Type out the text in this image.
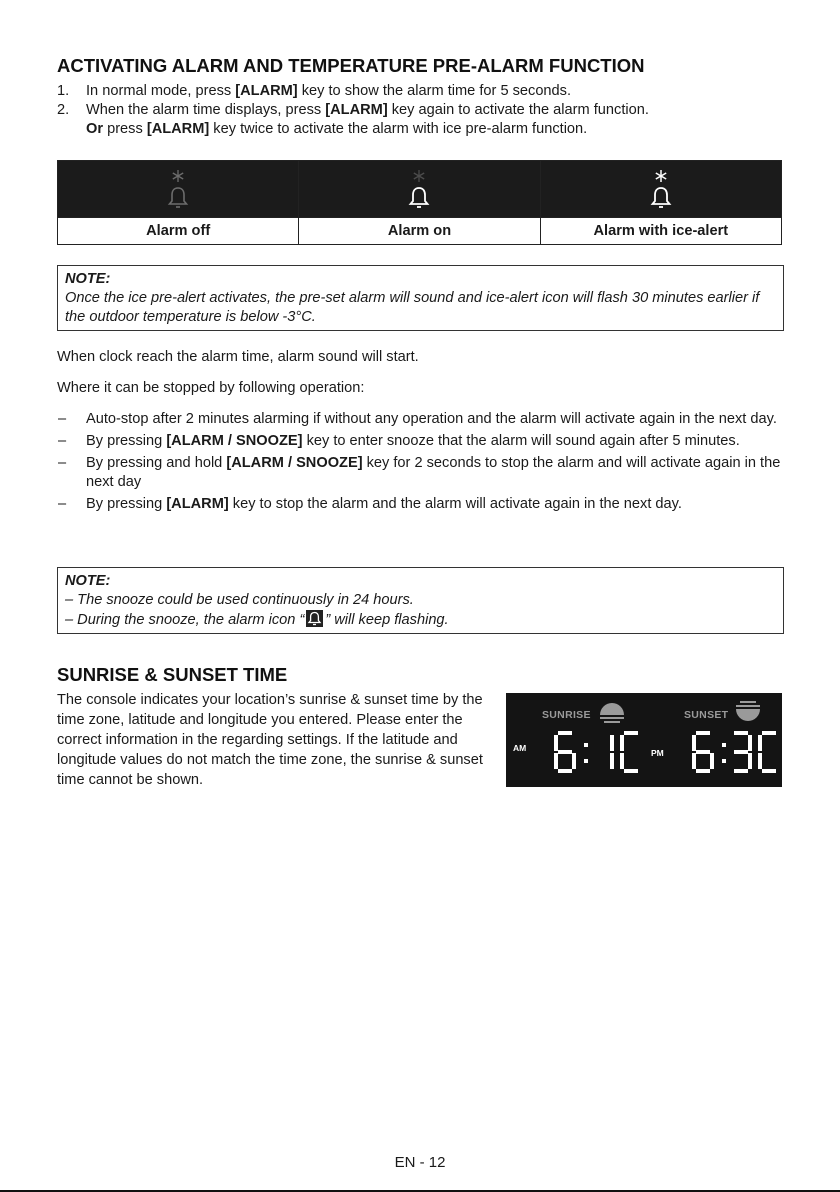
ACTIVATING ALARM AND TEMPERATURE PRE-ALARM FUNCTION
1. In normal mode, press [ALARM] key to show the alarm time for 5 seconds.
2. When the alarm time displays, press [ALARM] key again to activate the alarm function.
Or press [ALARM] key twice to activate the alarm with ice pre-alarm function.

Alarm off	Alarm on	Alarm with ice-alert
NOTE:
Once the ice pre-alert activates, the pre-set alarm will sound and ice-alert icon will flash 30 minutes earlier if the outdoor temperature is below -3°C.
When clock reach the alarm time, alarm sound will start.
Where it can be stopped by following operation:
– Auto-stop after 2 minutes alarming if without any operation and the alarm will activate again in the next day.
– By pressing [ALARM / SNOOZE] key to enter snooze that the alarm will sound again after 5 minutes.
– By pressing and hold [ALARM / SNOOZE] key for 2 seconds to stop the alarm and will activate again in the next day
– By pressing [ALARM] key to stop the alarm and the alarm will activate again in the next day.
NOTE:
– The snooze could be used continuously in 24 hours.
– During the snooze, the alarm icon “ ” will keep flashing.
SUNRISE & SUNSET TIME
The console indicates your location’s sunrise & sunset time by the time zone, latitude and longitude you entered. Please enter the correct information in the regarding settings. If the latitude and longitude values do not match the time zone, the sunrise & sunset time cannot be shown.
SUNRISE	SUNSET
AM	PM
EN - 12
